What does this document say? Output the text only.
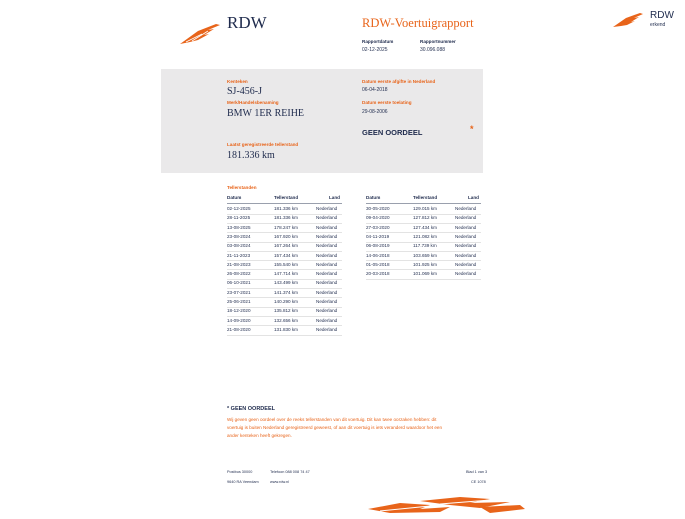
RDW	RDW-Voertuigrapport
Rapportdatum
02-12-2025
Rapportnummer
30.096.088
RDW
erkend
Kenteken
SJ-456-J
Merk/Handelsbenaming
BMW 1ER REIHE
Datum eerste afgifte in Nederland
06-04-2018
Datum eerste toelating
29-08-2006
GEEN OORDEEL	*
Laatst geregistreerde tellerstand
181.336 km
Tellerstanden
Datum	Tellerstand	Land
02-12-2025	181.336 km	Nederland
28-11-2025	181.336 km	Nederland
13-08-2025	178.247 km	Nederland
23-08-2024	167.920 km	Nederland
03-08-2024	167.264 km	Nederland
21-11-2023	157.434 km	Nederland
21-08-2023	155.540 km	Nederland
26-08-2022	147.714 km	Nederland
06-10-2021	143.499 km	Nederland
23-07-2021	141.374 km	Nederland
25-06-2021	140.290 km	Nederland
18-12-2020	135.812 km	Nederland
14-09-2020	132.656 km	Nederland
21-08-2020	131.830 km	Nederland
Datum	Tellerstand	Land
30-05-2020	129.015 km	Nederland
09-04-2020	127.812 km	Nederland
27-03-2020	127.434 km	Nederland
04-11-2019	121.082 km	Nederland
06-08-2019	117.739 km	Nederland
14-06-2018	103.659 km	Nederland
01-05-2018	101.925 km	Nederland
20-03-2018	101.069 km	Nederland
* GEEN OORDEEL
Wij geven geen oordeel over de reeks tellerstanden van dit voertuig. Dit kan twee oorzaken hebben: dit
voertuig is buiten Nederland geregistreerd geweest, of aan dit voertuig is iets veranderd waardoor het een
ander kenteken heeft gekregen.
Postbus 30000	Telefoon 088 008 74 47	Blad 1 van 3
9640 RA Veendam	www.rdw.nl	CE 1078
